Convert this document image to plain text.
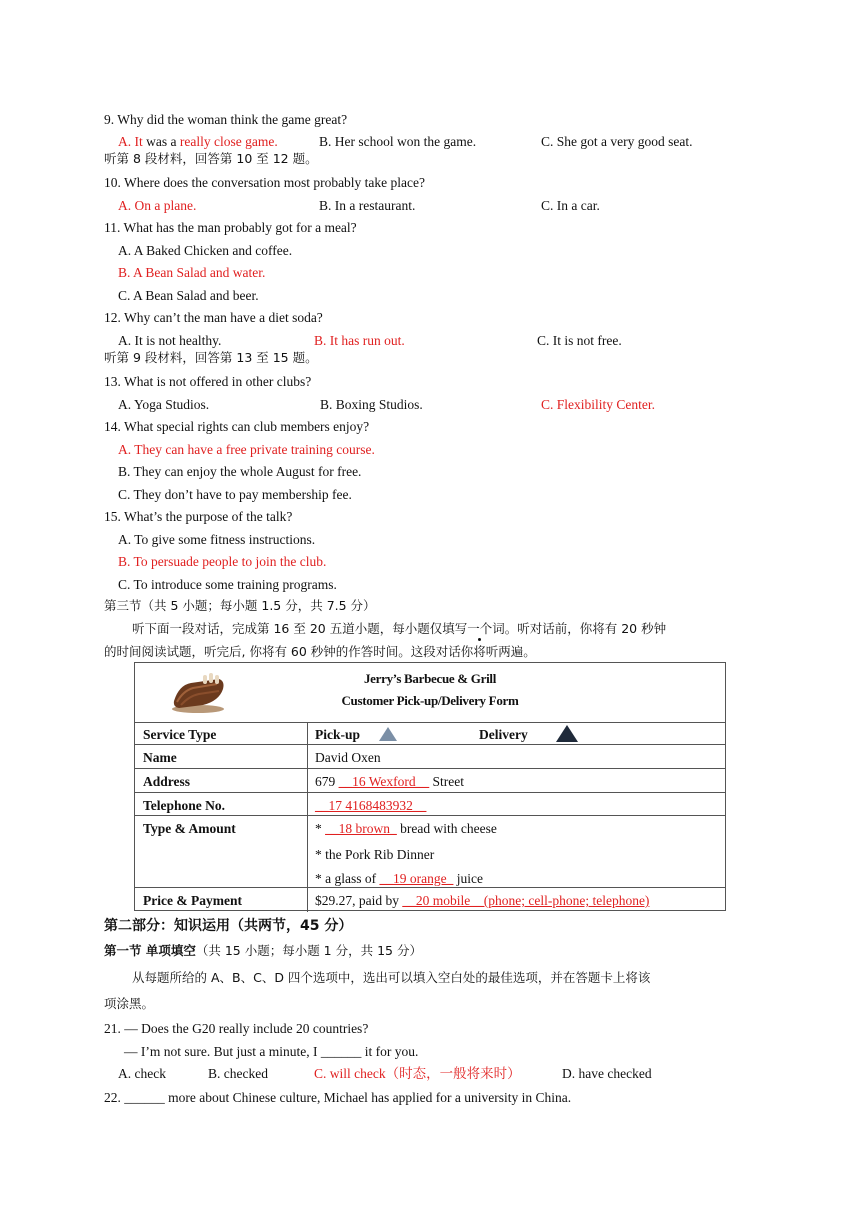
9. Why did the woman think the game great?
A. It was a really close game.	B. Her school won the game.	C. She got a very good seat.
听第 8 段材料，回答第 10 至 12 题。
10. Where does the conversation most probably take place?
A. On a plane.	B. In a restaurant.	C. In a car.
11. What has the man probably got for a meal?
A. A Baked Chicken and coffee.
B. A Bean Salad and water.
C. A Bean Salad and beer.
12. Why can’t the man have a diet soda?
A. It is not healthy.	B. It has run out.	C. It is not free.
听第 9 段材料，回答第 13 至 15 题。
13. What is not offered in other clubs?
A. Yoga Studios.	B. Boxing Studios.	C. Flexibility Center.
14. What special rights can club members enjoy?
A. They can have a free private training course.
B. They can enjoy the whole August for free.
C. They don’t have to pay membership fee.
15. What’s the purpose of the talk?
A. To give some fitness instructions.
B. To persuade people to join the club.
C. To introduce some training programs.
第三节（共 5 小题；每小题 1.5 分，共 7.5 分）
听下面一段对话，完成第 16 至 20 五道小题，每小题仅填写一个词。听对话前，你将有 20 秒钟
的时间阅读试题，听完后, 你将有 60 秒钟的作答时间。这段对话你将听两遍。
Jerry’s Barbecue & Grill
Customer Pick-up/Delivery Form
Service Type	Pick-up	Delivery
Name	David Oxen
Address	679 __16 Wexford__ Street
Telephone No.	__17 4168483932__
Type & Amount	* __18 brown_ bread with cheese
* the Pork Rib Dinner
* a glass of __19 orange_ juice
Price & Payment	$29.27, paid by __20 mobile__(phone; cell-phone; telephone)
第二部分：知识运用（共两节，45 分）
第一节 单项填空（共 15 小题；每小题 1 分，共 15 分）
从每题所给的 A、B、C、D 四个选项中，选出可以填入空白处的最佳选项，并在答题卡上将该
项涂黑。
21. — Does the G20 really include 20 countries?
— I’m not sure. But just a minute, I ______ it for you.
A. check	B. checked	C. will check（时态，一般将来时）	D. have checked
22. ______ more about Chinese culture, Michael has applied for a university in China.
